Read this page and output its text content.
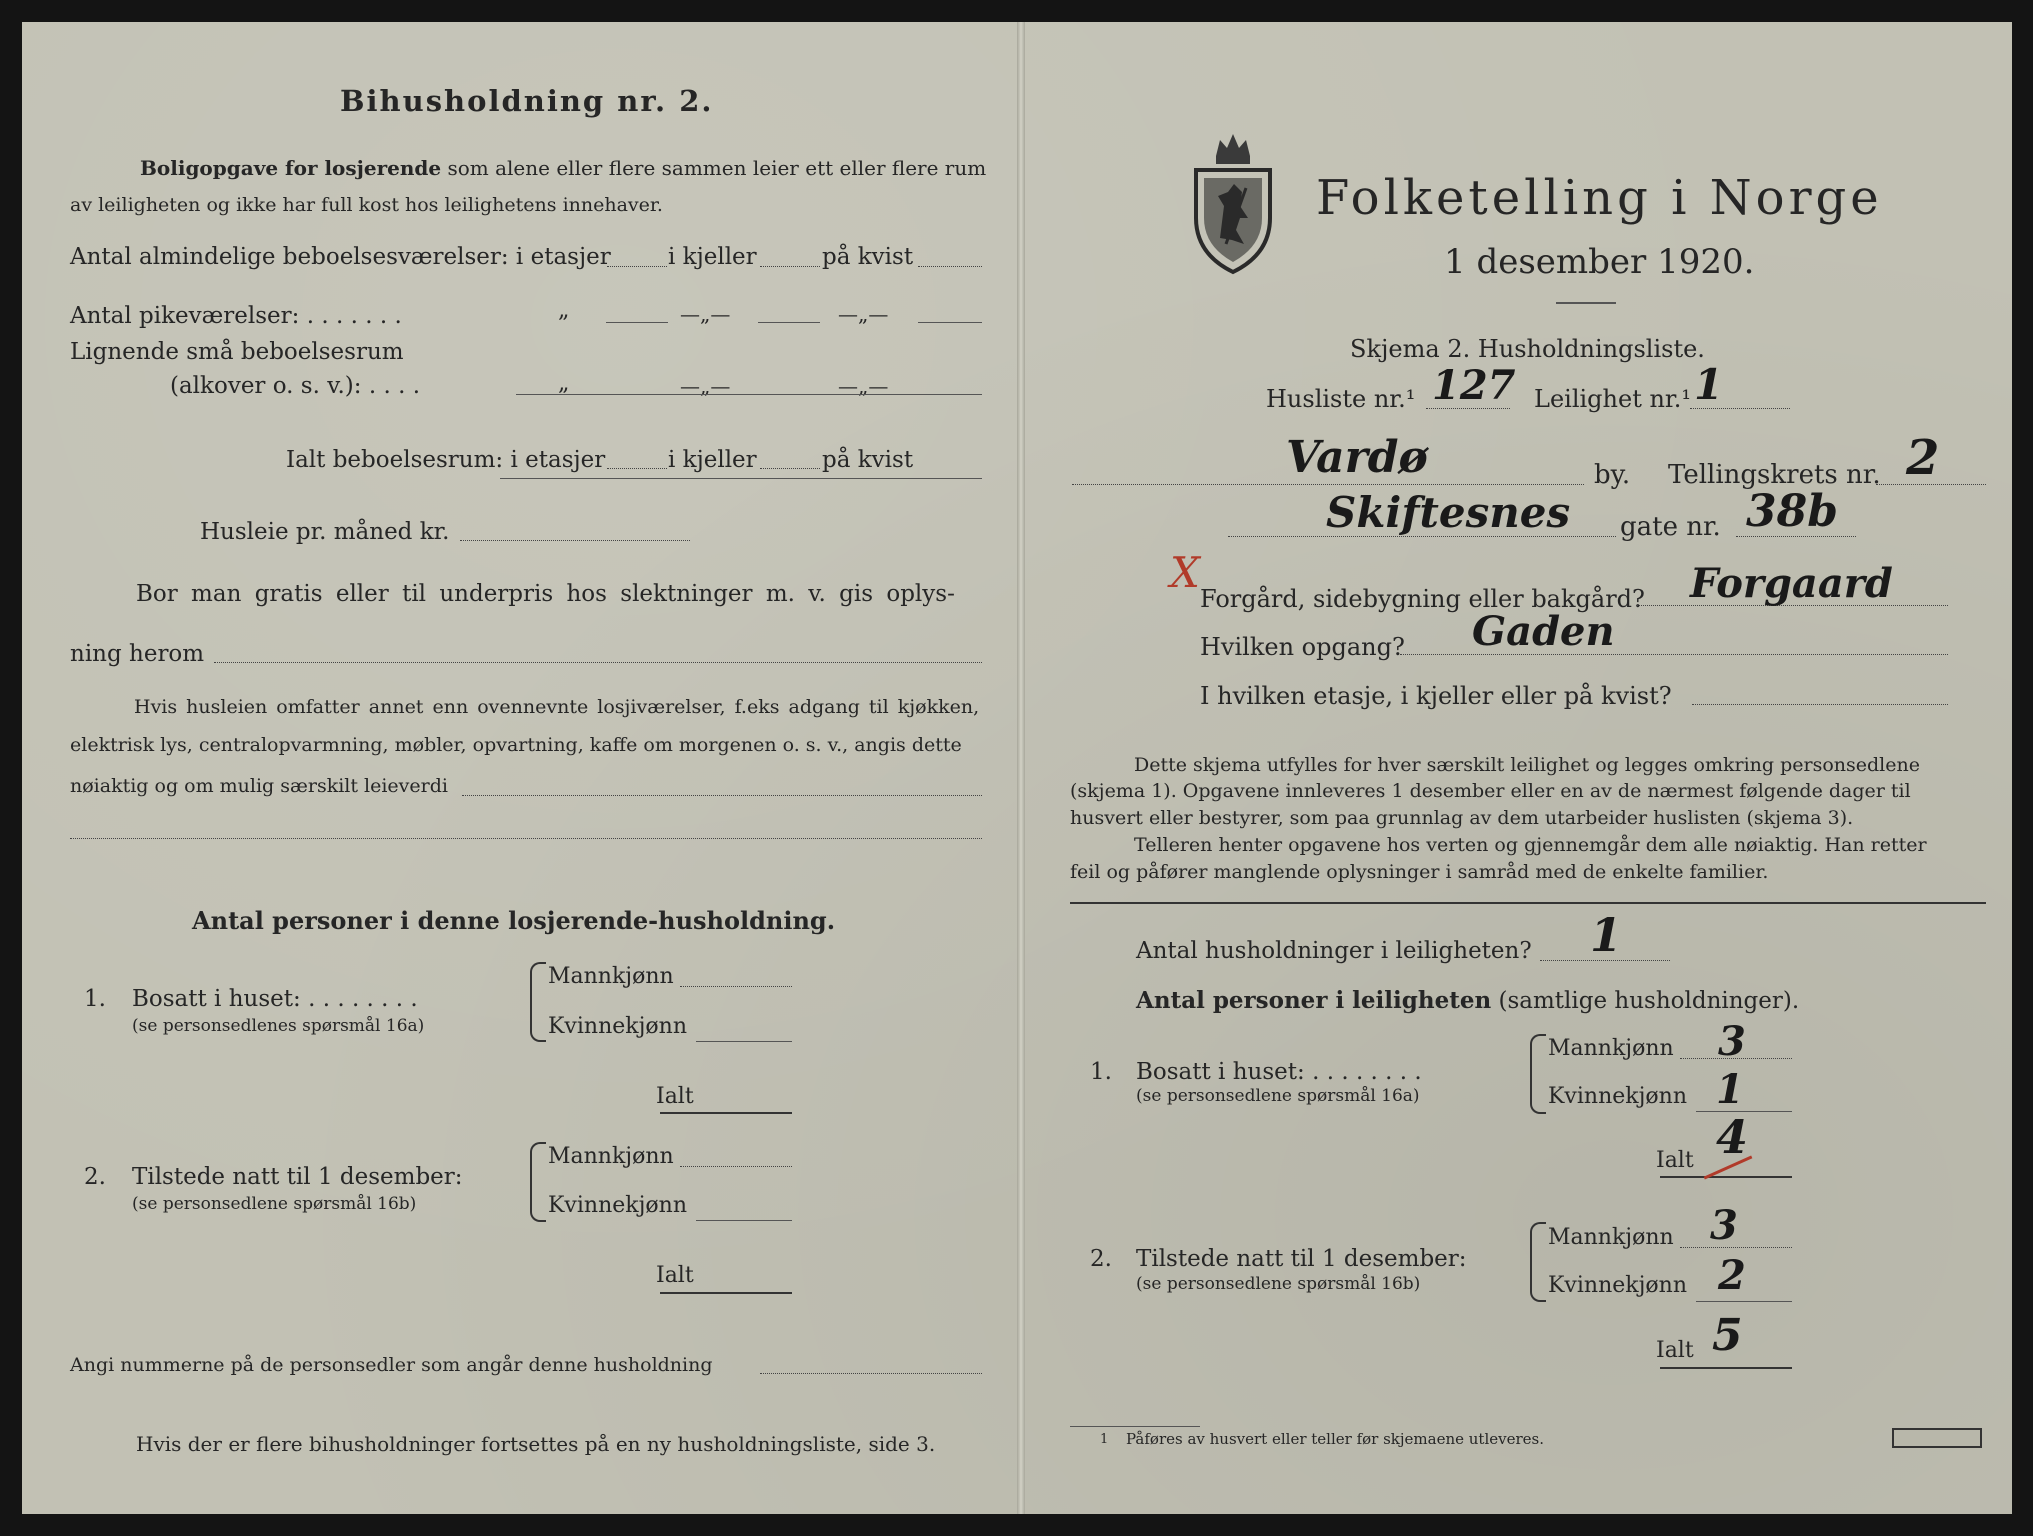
Bihusholdning nr. 2.
Boligopgave for losjerende som alene eller flere sammen leier ett eller flere rum
av leiligheten og ikke har full kost hos leilighetens innehaver.
Antal almindelige beboelsesværelser: i etasjer i kjeller	på kvist
Antal pikeværelser: . . . . . . .	„	—„—	—„—
Lignende små beboelsesrum
(alkover o. s. v.): . . . .	„	—„—	—„—
Ialt beboelsesrum: i etasjer	i kjeller	på kvist
Husleie pr. måned kr.
Bor man gratis eller til underpris hos slektninger m. v. gis oplys-
ning herom
Hvis husleien omfatter annet enn ovennevnte losjiværelser, f.eks adgang til kjøkken,
elektrisk lys, centralopvarmning, møbler, opvartning, kaffe om morgenen o. s. v., angis dette
nøiaktig og om mulig særskilt leieverdi
Antal personer i denne losjerende-husholdning.
1. Bosatt i huset: . . . . . . . .
(se personsedlenes spørsmål 16a)
Mannkjønn
Kvinnekjønn
Ialt
2. Tilstede natt til 1 desember:
(se personsedlene spørsmål 16b)
Mannkjønn
Kvinnekjønn
Ialt
Angi nummerne på de personsedler som angår denne husholdning
Hvis der er flere bihusholdninger fortsettes på en ny husholdningsliste, side 3.
Folketelling i Norge
1 desember 1920.
Skjema 2. Husholdningsliste.
Husliste nr.¹ 127 Leilighet nr.¹ 1
Vardø	by. Tellingskrets nr. 2
Skiftesnes gate nr. 38b
X
Forgård, sidebygning eller bakgård? Forgaard
Hvilken opgang? Gaden
I hvilken etasje, i kjeller eller på kvist?
Dette skjema utfylles for hver særskilt leilighet og legges omkring personsedlene
(skjema 1). Opgavene innleveres 1 desember eller en av de nærmest følgende dager til
husvert eller bestyrer, som paa grunnlag av dem utarbeider huslisten (skjema 3).
Telleren henter opgavene hos verten og gjennemgår dem alle nøiaktig. Han retter
feil og påfører manglende oplysninger i samråd med de enkelte familier.
Antal husholdninger i leiligheten? 1
Antal personer i leiligheten (samtlige husholdninger).
1. Bosatt i huset: . . . . . . . .
(se personsedlene spørsmål 16a)
Mannkjønn 3
Kvinnekjønn 1
Ialt 4
2. Tilstede natt til 1 desember:
(se personsedlene spørsmål 16b)
Mannkjønn 3
Kvinnekjønn 2
Ialt 5
1 Påføres av husvert eller teller før skjemaene utleveres.
